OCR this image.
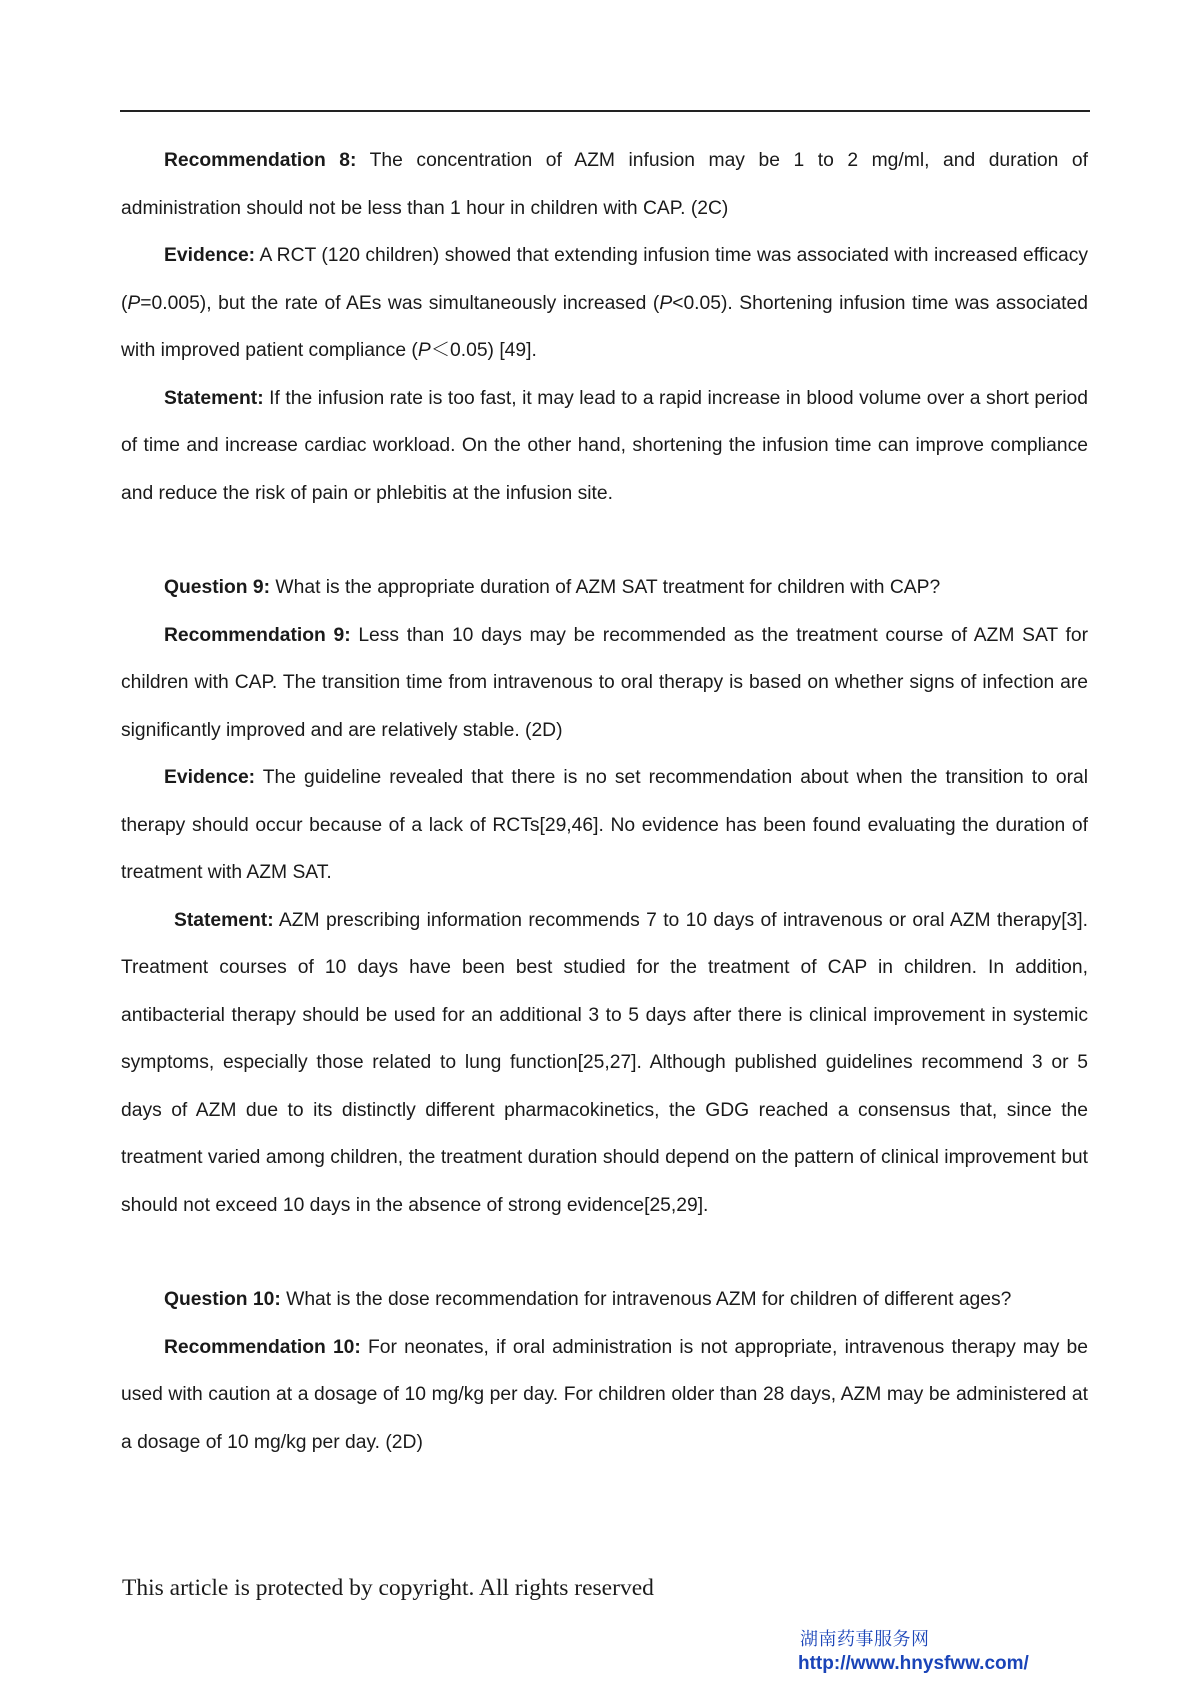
Recommendation 8: The concentration of AZM infusion may be 1 to 2 mg/ml, and duration of administration should not be less than 1 hour in children with CAP. (2C)

Evidence: A RCT (120 children) showed that extending infusion time was associated with increased efficacy (P=0.005), but the rate of AEs was simultaneously increased (P<0.05). Shortening infusion time was associated with improved patient compliance (P＜0.05) [49].

Statement: If the infusion rate is too fast, it may lead to a rapid increase in blood volume over a short period of time and increase cardiac workload. On the other hand, shortening the infusion time can improve compliance and reduce the risk of pain or phlebitis at the infusion site.

Question 9: What is the appropriate duration of AZM SAT treatment for children with CAP?

Recommendation 9: Less than 10 days may be recommended as the treatment course of AZM SAT for children with CAP. The transition time from intravenous to oral therapy is based on whether signs of infection are significantly improved and are relatively stable. (2D)

Evidence: The guideline revealed that there is no set recommendation about when the transition to oral therapy should occur because of a lack of RCTs[29,46]. No evidence has been found evaluating the duration of treatment with AZM SAT.

Statement: AZM prescribing information recommends 7 to 10 days of intravenous or oral AZM therapy[3]. Treatment courses of 10 days have been best studied for the treatment of CAP in children. In addition, antibacterial therapy should be used for an additional 3 to 5 days after there is clinical improvement in systemic symptoms, especially those related to lung function[25,27]. Although published guidelines recommend 3 or 5 days of AZM due to its distinctly different pharmacokinetics, the GDG reached a consensus that, since the treatment varied among children, the treatment duration should depend on the pattern of clinical improvement but should not exceed 10 days in the absence of strong evidence[25,29].

Question 10: What is the dose recommendation for intravenous AZM for children of different ages?

Recommendation 10: For neonates, if oral administration is not appropriate, intravenous therapy may be used with caution at a dosage of 10 mg/kg per day. For children older than 28 days, AZM may be administered at a dosage of 10 mg/kg per day. (2D)

This article is protected by copyright. All rights reserved
湖南药事服务网
http://www.hnysfww.com/
